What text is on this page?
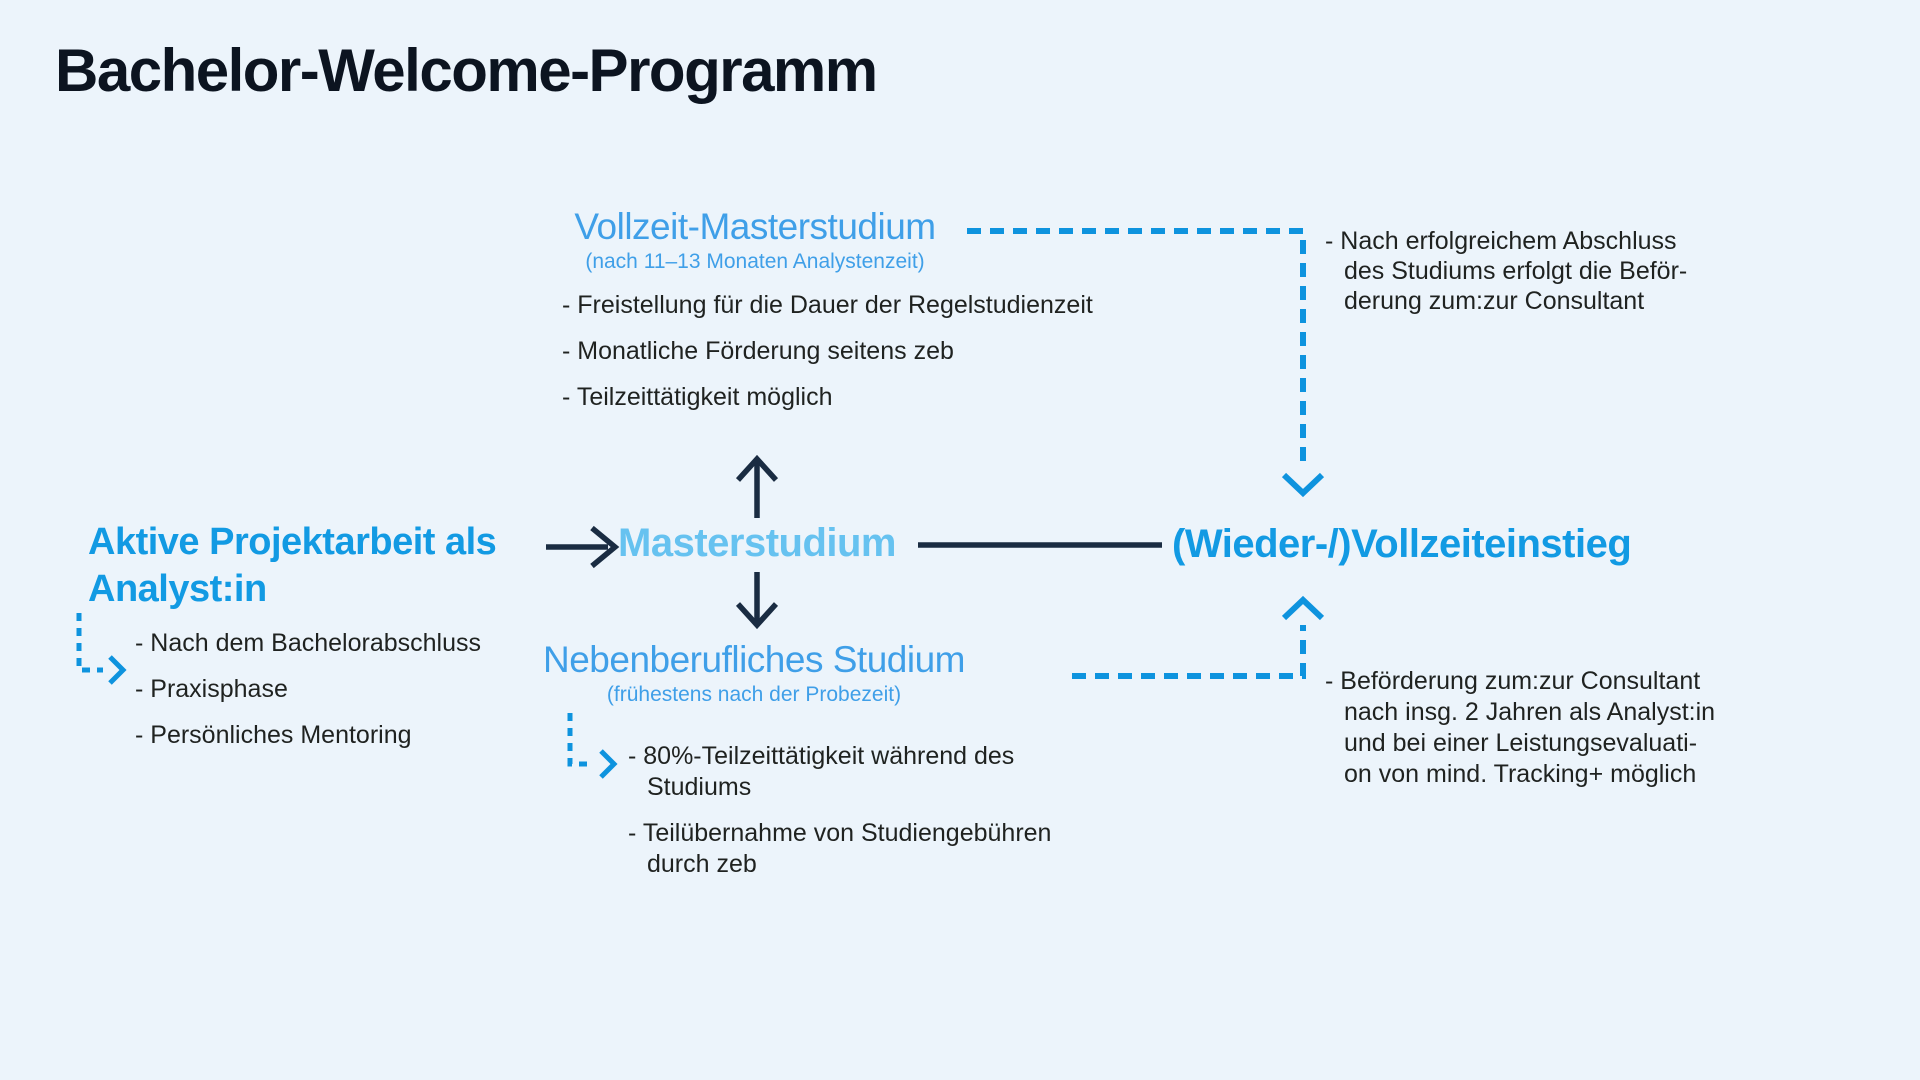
Bachelor-Welcome-Programm
Vollzeit-Masterstudium
(nach 11–13 Monaten Analystenzeit)
- Freistellung für die Dauer der Regelstudienzeit
- Monatliche Förderung seitens zeb
- Teilzeittätigkeit möglich
Aktive Projektarbeit als
Analyst:in
- Nach dem Bachelorabschluss
- Praxisphase
- Persönliches Mentoring
Masterstudium
Nebenberufliches Studium
(frühestens nach der Probezeit)
- 80%-Teilzeittätigkeit während des
Studiums
- Teilübernahme von Studiengebühren
durch zeb
(Wieder-/)Vollzeiteinstieg
- Nach erfolgreichem Abschluss
des Studiums erfolgt die Beför-
derung zum:zur Consultant
- Beförderung zum:zur Consultant
nach insg. 2 Jahren als Analyst:in
und bei einer Leistungsevaluati-
on von mind. Tracking+ möglich
